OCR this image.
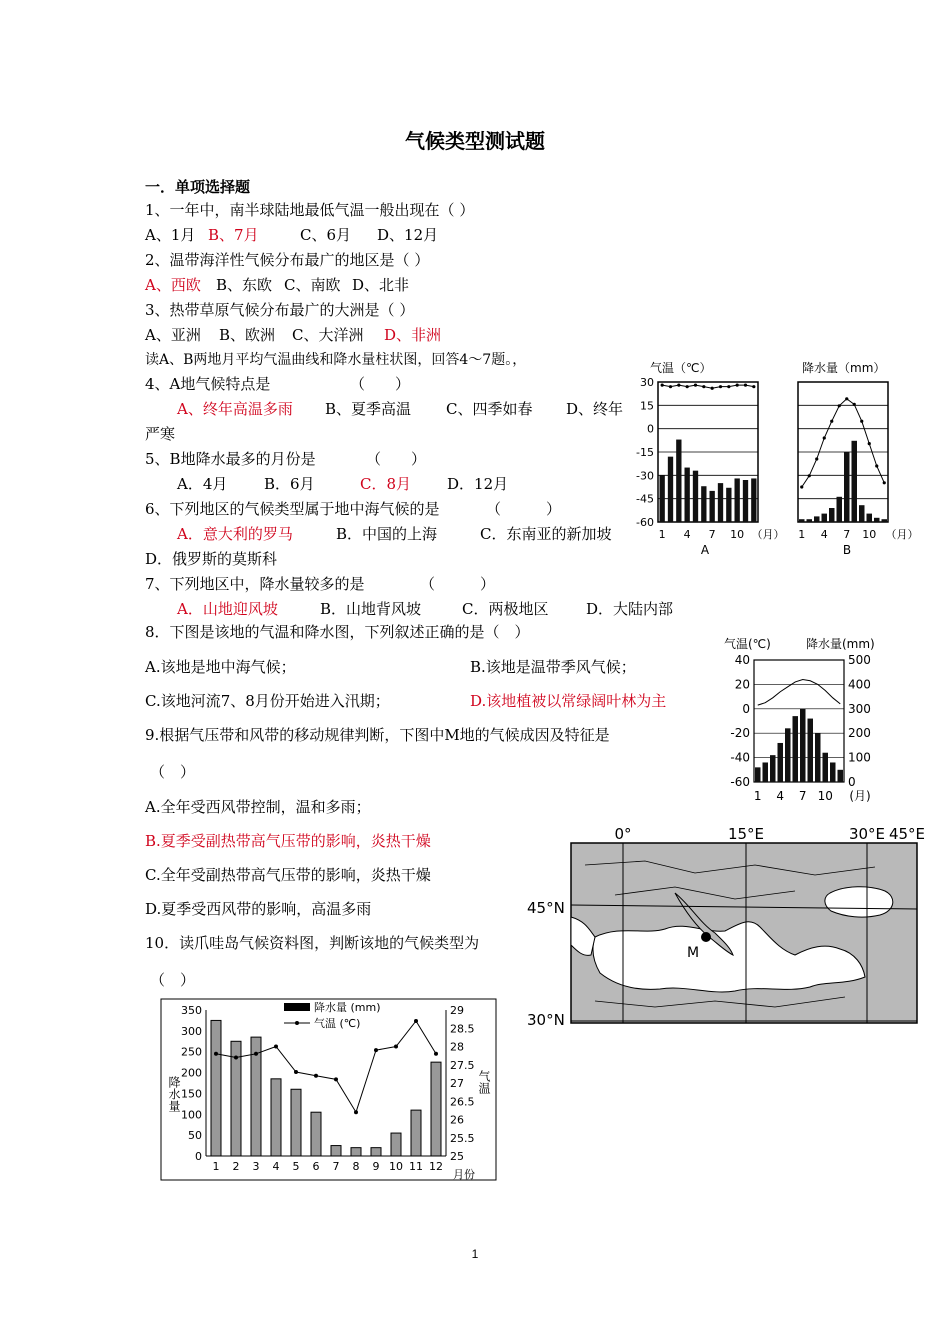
气候类型测试题
一．单项选择题
1、一年中，南半球陆地最低气温一般出现在（ ）
A、1月 B、7月	C、6月 D、12月
2、温带海洋性气候分布最广的地区是（ ）
A、西欧 B、东欧 C、南欧 D、北非
3、热带草原气候分布最广的大洲是（ ）
A、亚洲 B、欧洲 C、大洋洲 D、非洲
读A、B两地月平均气温曲线和降水量柱状图，回答4～7题。，
4、A地气候特点是	（　　）
A、终年高温多雨 B、夏季高温 C、四季如春 D、终年
严寒
5、B地降水最多的月份是	（　　）
A．4月 B．6月	C．8月 D．12月
6、下列地区的气候类型属于地中海气候的是	（　　　）
A．意大利的罗马	B．中国的上海	C．东南亚的新加坡
D．俄罗斯的莫斯科
7、下列地区中，降水量较多的是	（　　　）
A．山地迎风坡	B．山地背风坡	C．两极地区	D．大陆内部
8．下图是该地的气温和降水图，下列叙述正确的是（　）
A.该地是地中海气候；	B.该地是温带季风气候；
C.该地河流7、8月份开始进入汛期；	D.该地植被以常绿阔叶林为主
9.根据气压带和风带的移动规律判断，下图中M地的气候成因及特征是
（　）
A.全年受西风带控制，温和多雨；
B.夏季受副热带高气压带的影响，炎热干燥
C.全年受副热带高气压带的影响，炎热干燥
D.夏季受西风带的影响，高温多雨
10．读爪哇岛气候资料图，判断该地的气候类型为
（　）
气温（℃）
30
15
0
-15
-30
-45
-60
1 4 7 10 （月）
A
降水量（mm）
1 4 7 10 （月）
B
气温(℃)	降水量(mm)
40	500
20	400
0	300
-20	200
-40	100
-60	0
1 4 7 10 (月)
0°	15°E	30°E 45°E
45°N
30°N
M
350
300
250
200
150
100
50
0
29
28.5
28
27.5
27
26.5
26
25.5
25
1 2 3 4 5 6 7 8 9 10 11 12
月份
降水量 (mm)
气温 (℃)
降水量	气温
1
